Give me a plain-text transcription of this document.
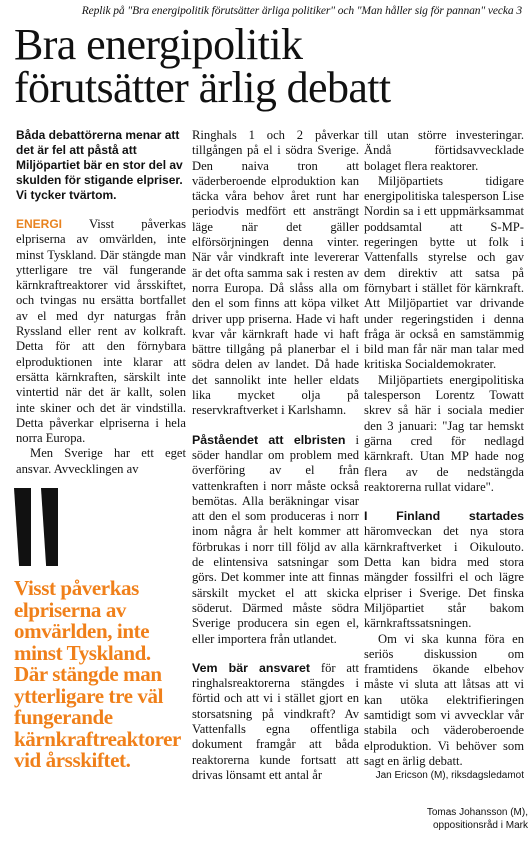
Replik på "Bra energipolitik förutsätter ärliga politiker" och "Man håller sig för pannan" vecka 3
Bra energipolitik
förutsätter ärlig debatt
Båda debattörerna menar att det är fel att påstå att Miljöpartiet bär en stor del av skulden för stigande elpriser. Vi tycker tvärtom.
ENERGI Visst påverkas elpriserna av omvärlden, inte minst Tyskland. Där stängde man ytterligare tre väl fungerande kärnkraftreaktorer vid årsskiftet, och tvingas nu ersätta bortfallet av el med dyr naturgas från Ryssland eller rent av kolkraft. Detta för att den förnybara elproduktionen inte klarar att ersätta kärnkraften, särskilt inte vintertid när det är kallt, solen inte skiner och det är vindstilla. Detta påverkar elpriserna i hela norra Europa.
Men Sverige har ett eget ansvar. Avvecklingen av
Visst påverkas elpriserna av omvärlden, inte minst Tyskland. Där stängde man ytterligare tre väl fungerande kärnkraftreaktorer vid årsskiftet.
Ringhals 1 och 2 påverkar tillgången på el i södra Sverige. Den naiva tron att väderberoende elproduktion kan täcka våra behov året runt har periodvis medfört ett ansträngt läge när det gäller elförsörjningen denna vinter. När vår vindkraft inte levererar är det ofta samma sak i resten av norra Europa. Då slåss alla om den el som finns att köpa vilket driver upp priserna. Hade vi haft kvar vår kärnkraft hade vi haft bättre tillgång på planerbar el i södra delen av landet. Då hade det sannolikt inte heller eldats lika mycket olja på reservkraftverket i Karlshamn.
Påståendet att elbristen i söder handlar om problem med överföring av el från vattenkraften i norr måste också bemötas. Alla beräkningar visar att den el som produceras i norr inom några år helt kommer att förbrukas i norr till följd av alla de elintensiva satsningar som görs. Det kommer inte att finnas särskilt mycket el att skicka söderut. Därmed måste södra Sverige producera sin egen el, eller importera från utlandet.
Vem bär ansvaret för att ringhalsreaktorerna stängdes i förtid och att vi i stället gjort en storsatsning på vindkraft? Av Vattenfalls egna offentliga dokument framgår att båda reaktorerna kunde fortsatt att drivas lönsamt ett antal år
till utan större investeringar. Ändå förtidsavvecklade bolaget flera reaktorer.
Miljöpartiets tidigare energipolitiska talesperson Lise Nordin sa i ett uppmärksammat poddsamtal att S-MP-regeringen bytte ut folk i Vattenfalls styrelse och gav dem direktiv att satsa på förnybart i stället för kärnkraft. Att Miljöpartiet var drivande under regeringstiden i denna fråga är också en samstämmig bild man får när man talar med kritiska Socialdemokrater.
Miljöpartiets energipolitiska talesperson Lorentz Towatt skrev så här i sociala medier den 3 januari: "Jag tar hemskt gärna cred för nedlagd kärnkraft. Utan MP hade nog flera av de nedstängda reaktorerna rullat vidare".
I Finland startades häromveckan det nya stora kärnkraftverket i Oikulouto. Detta kan bidra med stora mängder fossilfri el och lägre elpriser i Sverige. Det finska Miljöpartiet står bakom kärnkraftssatsningen.
Om vi ska kunna föra en seriös diskussion om framtidens ökande elbehov måste vi sluta att låtsas att vi kan utöka elektrifieringen samtidigt som vi avvecklar vår stabila och väderoberoende elproduktion. Vi behöver som sagt en ärlig debatt.
Jan Ericson (M), riksdagsledamot
Tomas Johansson (M),
oppositionsråd i Mark
